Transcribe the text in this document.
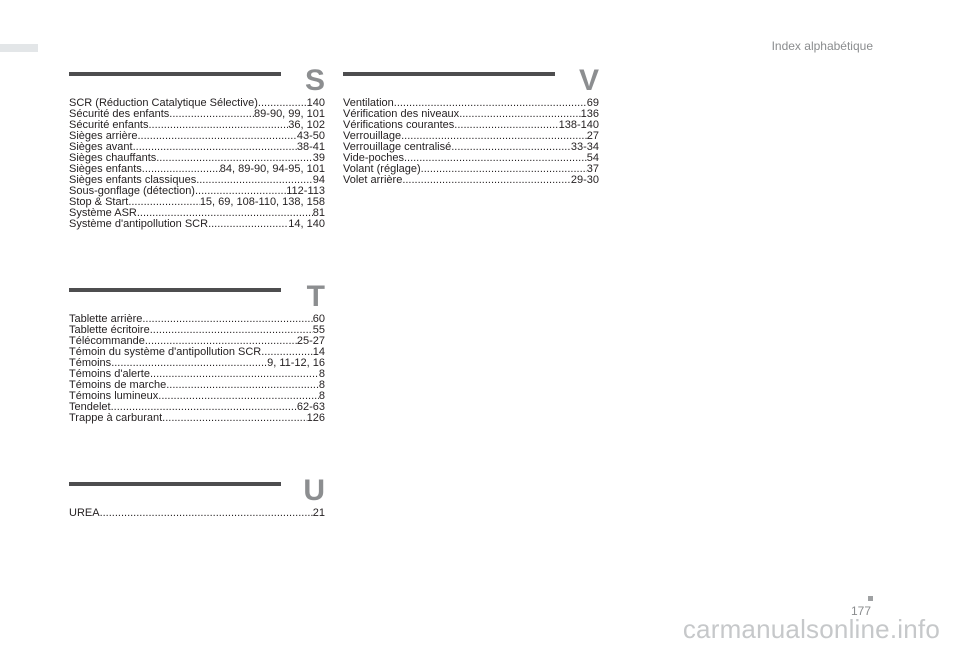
Index alphabétique
S
SCR (Réduction Catalytique Sélective) .....	140
Sécurité des enfants .....	89-90, 99, 101
Sécurité enfants .....	36, 102
Sièges arrière .....	43-50
Sièges avant .....	38-41
Sièges chauffants .....	39
Sièges enfants .....	84, 89-90, 94-95, 101
Sièges enfants classiques .....	94
Sous-gonflage (détection) .....	112-113
Stop & Start .....	15, 69, 108-110, 138, 158
Système ASR .....	81
Système d'antipollution SCR .....	14, 140
T
Tablette arrière .....	60
Tablette écritoire .....	55
Télécommande .....	25-27
Témoin du système d'antipollution SCR .....	14
Témoins .....	9, 11-12, 16
Témoins d'alerte .....	8
Témoins de marche .....	8
Témoins lumineux .....	8
Tendelet .....	62-63
Trappe à carburant .....	126
U
UREA .....	21
V
Ventilation .....	69
Vérification des niveaux .....	136
Vérifications courantes .....	138-140
Verrouillage .....	27
Verrouillage centralisé .....	33-34
Vide-poches .....	54
Volant (réglage) .....	37
Volet arrière .....	29-30
177
carmanualsonline.info
